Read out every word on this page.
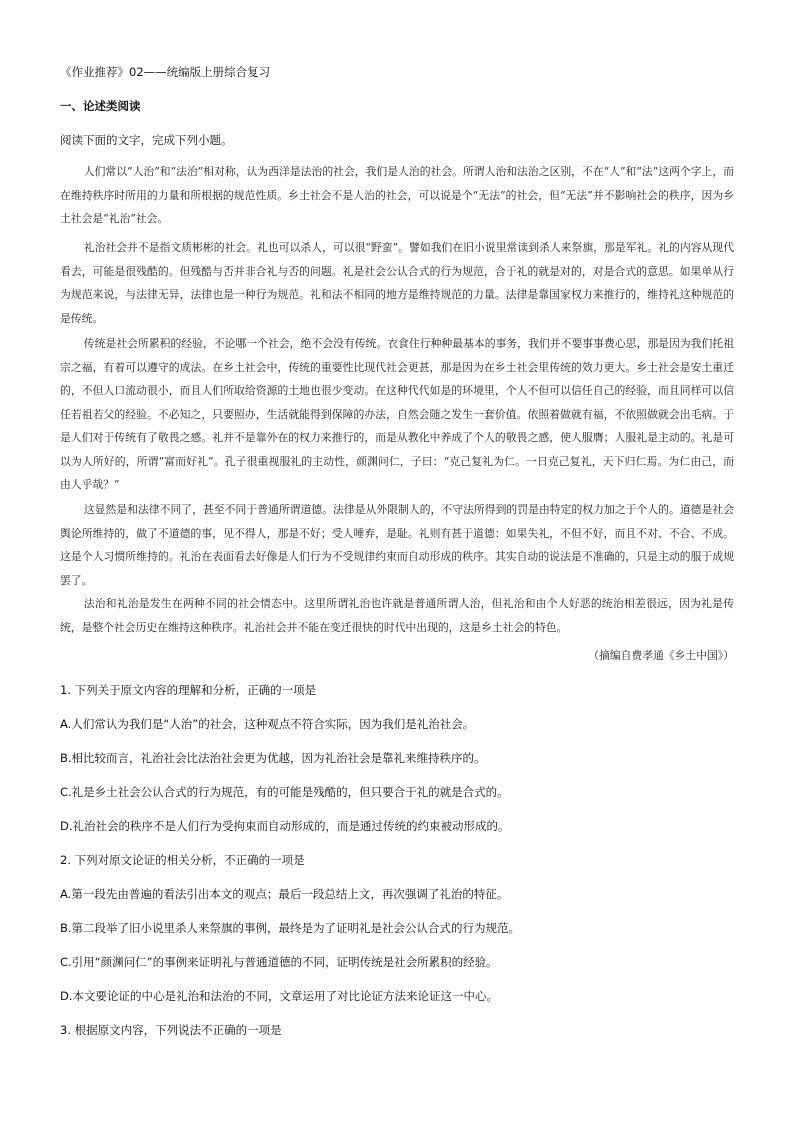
《作业推荐》02——统编版上册综合复习
一、论述类阅读
阅读下面的文字，完成下列小题。

人们常以“人治”和“法治”相对称，认为西洋是法治的社会，我们是人治的社会。所谓人治和法治之区别，不在“人”和“法”这两个字上，而在维持秩序时所用的力量和所根据的规范性质。乡土社会不是人治的社会，可以说是个“无法”的社会，但“无法”并不影响社会的秩序，因为乡土社会是“礼治”社会。

礼治社会并不是指文质彬彬的社会。礼也可以杀人，可以很“野蛮”。譬如我们在旧小说里常读到杀人来祭旗，那是军礼。礼的内容从现代看去，可能是很残酷的。但残酷与否并非合礼与否的问题。礼是社会公认合式的行为规范，合于礼的就是对的，对是合式的意思。如果单从行为规范来说，与法律无异，法律也是一种行为规范。礼和法不相同的地方是维持规范的力量。法律是靠国家权力来推行的，维持礼这种规范的是传统。

传统是社会所累积的经验，不论哪一个社会，绝不会没有传统。衣食住行种种最基本的事务，我们并不要事事费心思，那是因为我们托祖宗之福，有着可以遵守的成法。在乡土社会中，传统的重要性比现代社会更甚，那是因为在乡土社会里传统的效力更大。乡土社会是安土重迁的，不但人口流动很小，而且人们所取给资源的土地也很少变动。在这种代代如是的环境里，个人不但可以信任自己的经验，而且同样可以信任若祖若父的经验。不必知之，只要照办，生活就能得到保障的办法，自然会随之发生一套价值。依照着做就有福，不依照做就会出毛病。于是人们对于传统有了敬畏之感。礼并不是靠外在的权力来推行的，而是从教化中养成了个人的敬畏之感，使人服膺；人服礼是主动的。礼是可以为人所好的，所谓“富而好礼”。孔子很重视服礼的主动性，颜渊问仁，子曰：“克己复礼为仁。一日克己复礼，天下归仁焉。为仁由己，而由人乎哉？”

这显然是和法律不同了，甚至不同于普通所谓道德。法律是从外限制人的，不守法所得到的罚是由特定的权力加之于个人的。道德是社会舆论所维持的，做了不道德的事，见不得人，那是不好；受人唾弃，是耻。礼则有甚于道德：如果失礼，不但不好，而且不对、不合、不成。这是个人习惯所维持的。礼治在表面看去好像是人们行为不受规律约束而自动形成的秩序。其实自动的说法是不准确的，只是主动的服于成规罢了。

法治和礼治是发生在两种不同的社会情态中。这里所谓礼治也许就是普通所谓人治，但礼治和由个人好恶的统治相差很远，因为礼是传统，是整个社会历史在维持这种秩序。礼治社会并不能在变迁很快的时代中出现的，这是乡土社会的特色。

（摘编自费孝通《乡土中国》）
1. 下列关于原文内容的理解和分析，正确的一项是
A.人们常认为我们是“人治”的社会，这种观点不符合实际，因为我们是礼治社会。
B.相比较而言，礼治社会比法治社会更为优越，因为礼治社会是靠礼来维持秩序的。
C.礼是乡土社会公认合式的行为规范，有的可能是残酷的，但只要合于礼的就是合式的。
D.礼治社会的秩序不是人们行为受拘束而自动形成的，而是通过传统的约束被动形成的。
2. 下列对原文论证的相关分析，不正确的一项是
A.第一段先由普遍的看法引出本文的观点；最后一段总结上文，再次强调了礼治的特征。
B.第二段举了旧小说里杀人来祭旗的事例，最终是为了证明礼是社会公认合式的行为规范。
C.引用“颜渊问仁”的事例来证明礼与普通道德的不同，证明传统是社会所累积的经验。
D.本文要论证的中心是礼治和法治的不同，文章运用了对比论证方法来论证这一中心。
3. 根据原文内容，下列说法不正确的一项是
